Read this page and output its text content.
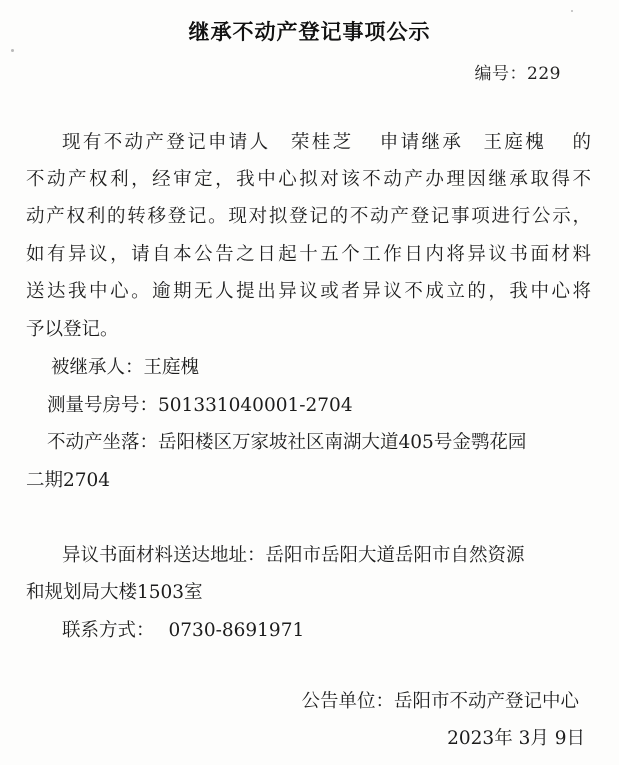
继承不动产登记事项公示
编号：229
现有不动产登记申请人 荣桂芝 申请继承 王庭槐 的
不动产权利，经审定，我中心拟对该不动产办理因继承取得不
动产权利的转移登记。现对拟登记的不动产登记事项进行公示，
如有异议，请自本公告之日起十五个工作日内将异议书面材料
送达我中心。逾期无人提出异议或者异议不成立的，我中心将
予以登记。
被继承人：王庭槐
测量号房号：501331040001-2704
不动产坐落：岳阳楼区万家坡社区南湖大道405号金鹗花园
二期2704
异议书面材料送达地址：岳阳市岳阳大道岳阳市自然资源
和规划局大楼1503室
联系方式： 0730-8691971
公告单位：岳阳市不动产登记中心
2023年 3月 9日
